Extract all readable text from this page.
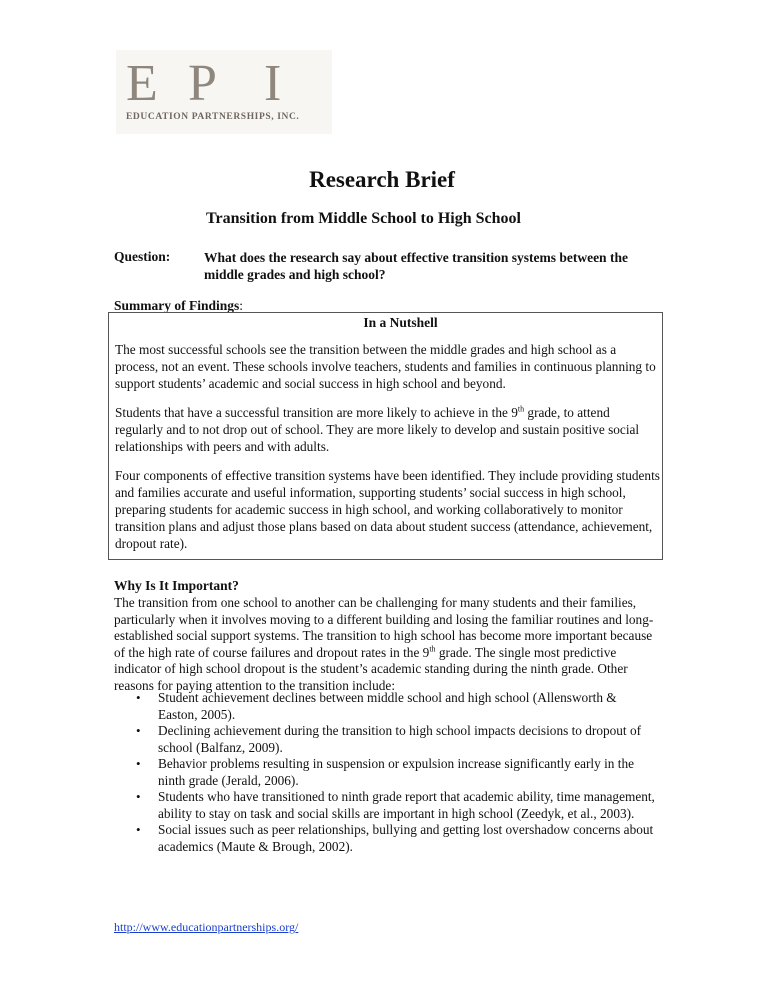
E P I
EDUCATION PARTNERSHIPS, INC.
Research Brief
Transition from Middle School to High School
Question: What does the research say about effective transition systems between the middle grades and high school?
Summary of Findings:
In a Nutshell
The most successful schools see the transition between the middle grades and high school as a process, not an event. These schools involve teachers, students and families in continuous planning to support students’ academic and social success in high school and beyond.
Students that have a successful transition are more likely to achieve in the 9th grade, to attend regularly and to not drop out of school. They are more likely to develop and sustain positive social relationships with peers and with adults.
Four components of effective transition systems have been identified. They include providing students and families accurate and useful information, supporting students’ social success in high school, preparing students for academic success in high school, and working collaboratively to monitor transition plans and adjust those plans based on data about student success (attendance, achievement, dropout rate).
Why Is It Important?
The transition from one school to another can be challenging for many students and their families, particularly when it involves moving to a different building and losing the familiar routines and long-established social support systems. The transition to high school has become more important because of the high rate of course failures and dropout rates in the 9th grade. The single most predictive indicator of high school dropout is the student’s academic standing during the ninth grade. Other reasons for paying attention to the transition include:
• Student achievement declines between middle school and high school (Allensworth & Easton, 2005).
• Declining achievement during the transition to high school impacts decisions to dropout of school (Balfanz, 2009).
• Behavior problems resulting in suspension or expulsion increase significantly early in the ninth grade (Jerald, 2006).
• Students who have transitioned to ninth grade report that academic ability, time management, ability to stay on task and social skills are important in high school (Zeedyk, et al., 2003).
• Social issues such as peer relationships, bullying and getting lost overshadow concerns about academics (Maute & Brough, 2002).
http://www.educationpartnerships.org/
